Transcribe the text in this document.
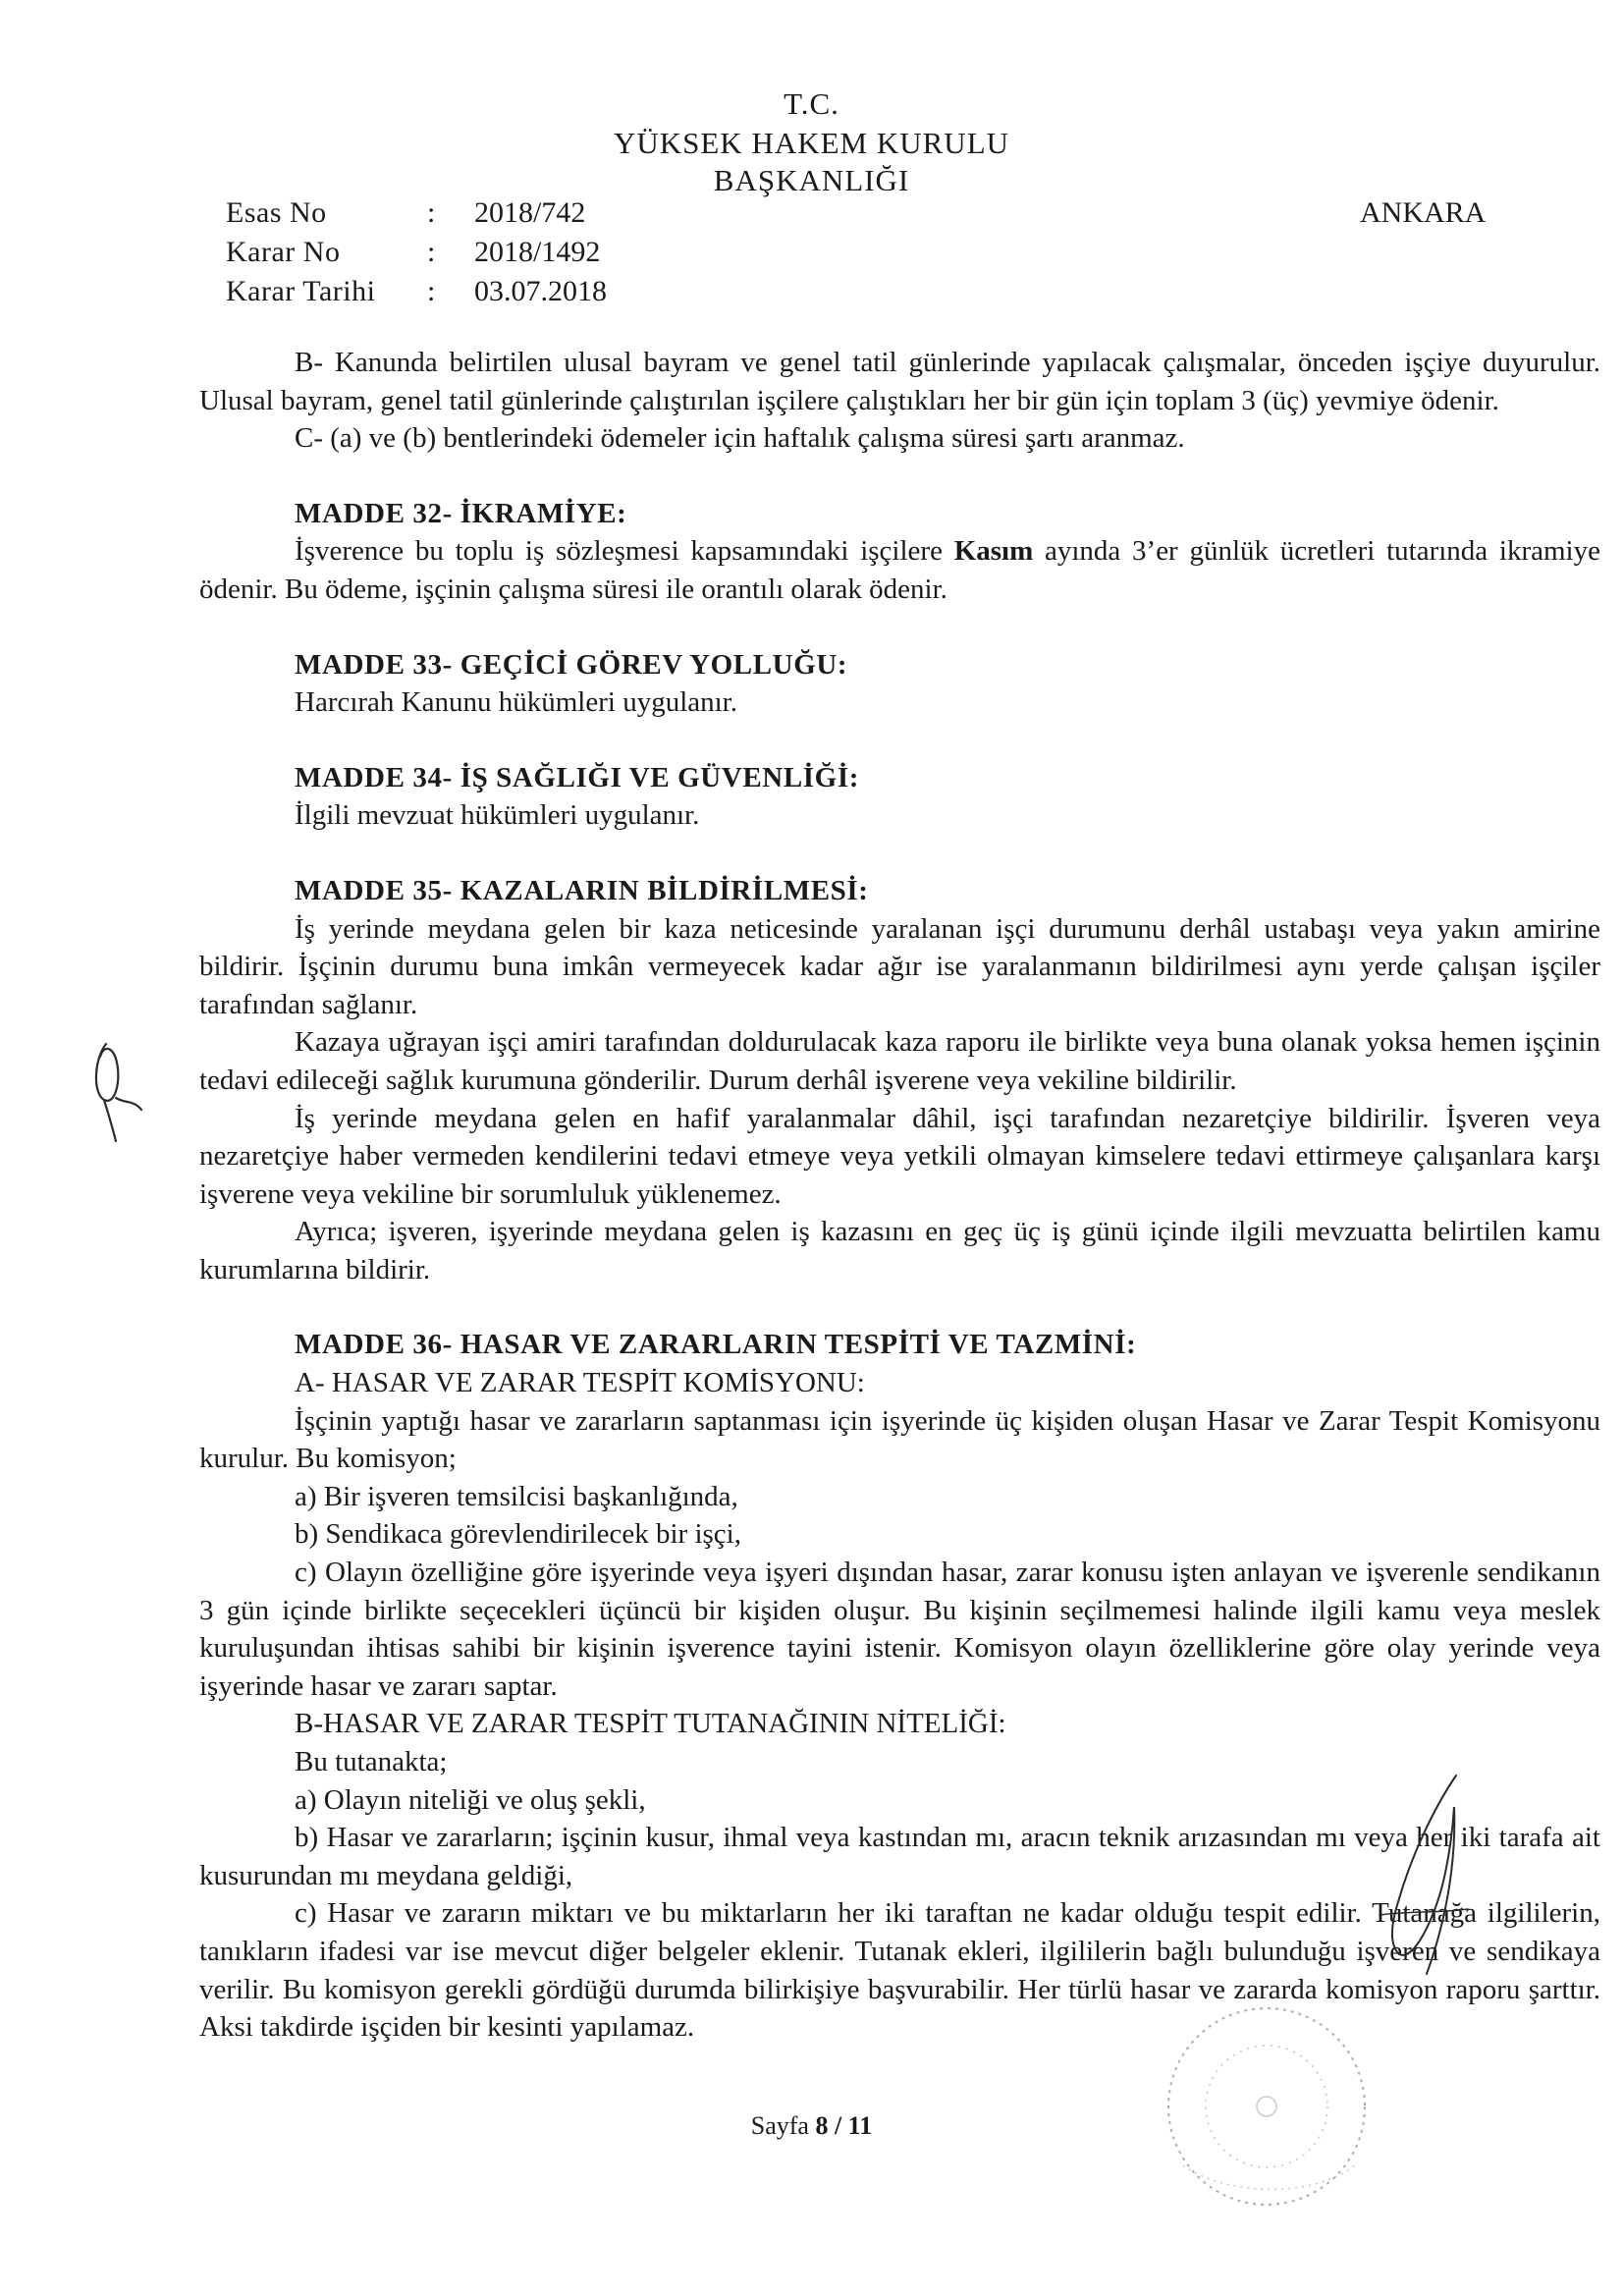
T.C.
YÜKSEK HAKEM KURULU
BAŞKANLIĞI
Esas No	: 2018/742
Karar No	: 2018/1492
Karar Tarihi : 03.07.2018
ANKARA

B- Kanunda belirtilen ulusal bayram ve genel tatil günlerinde yapılacak çalışmalar, önceden işçiye duyurulur. Ulusal bayram, genel tatil günlerinde çalıştırılan işçilere çalıştıkları her bir gün için toplam 3 (üç) yevmiye ödenir.

C- (a) ve (b) bentlerindeki ödemeler için haftalık çalışma süresi şartı aranmaz.

MADDE 32- İKRAMİYE:

İşverence bu toplu iş sözleşmesi kapsamındaki işçilere Kasım ayında 3’er günlük ücretleri tutarında ikramiye ödenir. Bu ödeme, işçinin çalışma süresi ile orantılı olarak ödenir.

MADDE 33- GEÇİCİ GÖREV YOLLUĞU:

Harcırah Kanunu hükümleri uygulanır.

MADDE 34- İŞ SAĞLIĞI VE GÜVENLİĞİ:

İlgili mevzuat hükümleri uygulanır.

MADDE 35- KAZALARIN BİLDİRİLMESİ:

İş yerinde meydana gelen bir kaza neticesinde yaralanan işçi durumunu derhâl ustabaşı veya yakın amirine bildirir. İşçinin durumu buna imkân vermeyecek kadar ağır ise yaralanmanın bildirilmesi aynı yerde çalışan işçiler tarafından sağlanır.

Kazaya uğrayan işçi amiri tarafından doldurulacak kaza raporu ile birlikte veya buna olanak yoksa hemen işçinin tedavi edileceği sağlık kurumuna gönderilir. Durum derhâl işverene veya vekiline bildirilir.

İş yerinde meydana gelen en hafif yaralanmalar dâhil, işçi tarafından nezaretçiye bildirilir. İşveren veya nezaretçiye haber vermeden kendilerini tedavi etmeye veya yetkili olmayan kimselere tedavi ettirmeye çalışanlara karşı işverene veya vekiline bir sorumluluk yüklenemez.

Ayrıca; işveren, işyerinde meydana gelen iş kazasını en geç üç iş günü içinde ilgili mevzuatta belirtilen kamu kurumlarına bildirir.

MADDE 36- HASAR VE ZARARLARIN TESPİTİ VE TAZMİNİ:

A- HASAR VE ZARAR TESPİT KOMİSYONU:

İşçinin yaptığı hasar ve zararların saptanması için işyerinde üç kişiden oluşan Hasar ve Zarar Tespit Komisyonu kurulur. Bu komisyon;

a) Bir işveren temsilcisi başkanlığında,

b) Sendikaca görevlendirilecek bir işçi,

c) Olayın özelliğine göre işyerinde veya işyeri dışından hasar, zarar konusu işten anlayan ve işverenle sendikanın 3 gün içinde birlikte seçecekleri üçüncü bir kişiden oluşur. Bu kişinin seçilmemesi halinde ilgili kamu veya meslek kuruluşundan ihtisas sahibi bir kişinin işverence tayini istenir. Komisyon olayın özelliklerine göre olay yerinde veya işyerinde hasar ve zararı saptar.

B-HASAR VE ZARAR TESPİT TUTANAĞININ NİTELİĞİ:

Bu tutanakta;

a) Olayın niteliği ve oluş şekli,

b) Hasar ve zararların; işçinin kusur, ihmal veya kastından mı, aracın teknik arızasından mı veya her iki tarafa ait kusurundan mı meydana geldiği,

c) Hasar ve zararın miktarı ve bu miktarların her iki taraftan ne kadar olduğu tespit edilir. Tutanağa ilgililerin, tanıkların ifadesi var ise mevcut diğer belgeler eklenir. Tutanak ekleri, ilgililerin bağlı bulunduğu işveren ve sendikaya verilir. Bu komisyon gerekli gördüğü durumda bilirkişiye başvurabilir. Her türlü hasar ve zararda komisyon raporu şarttır. Aksi takdirde işçiden bir kesinti yapılamaz.

Sayfa 8 / 11
